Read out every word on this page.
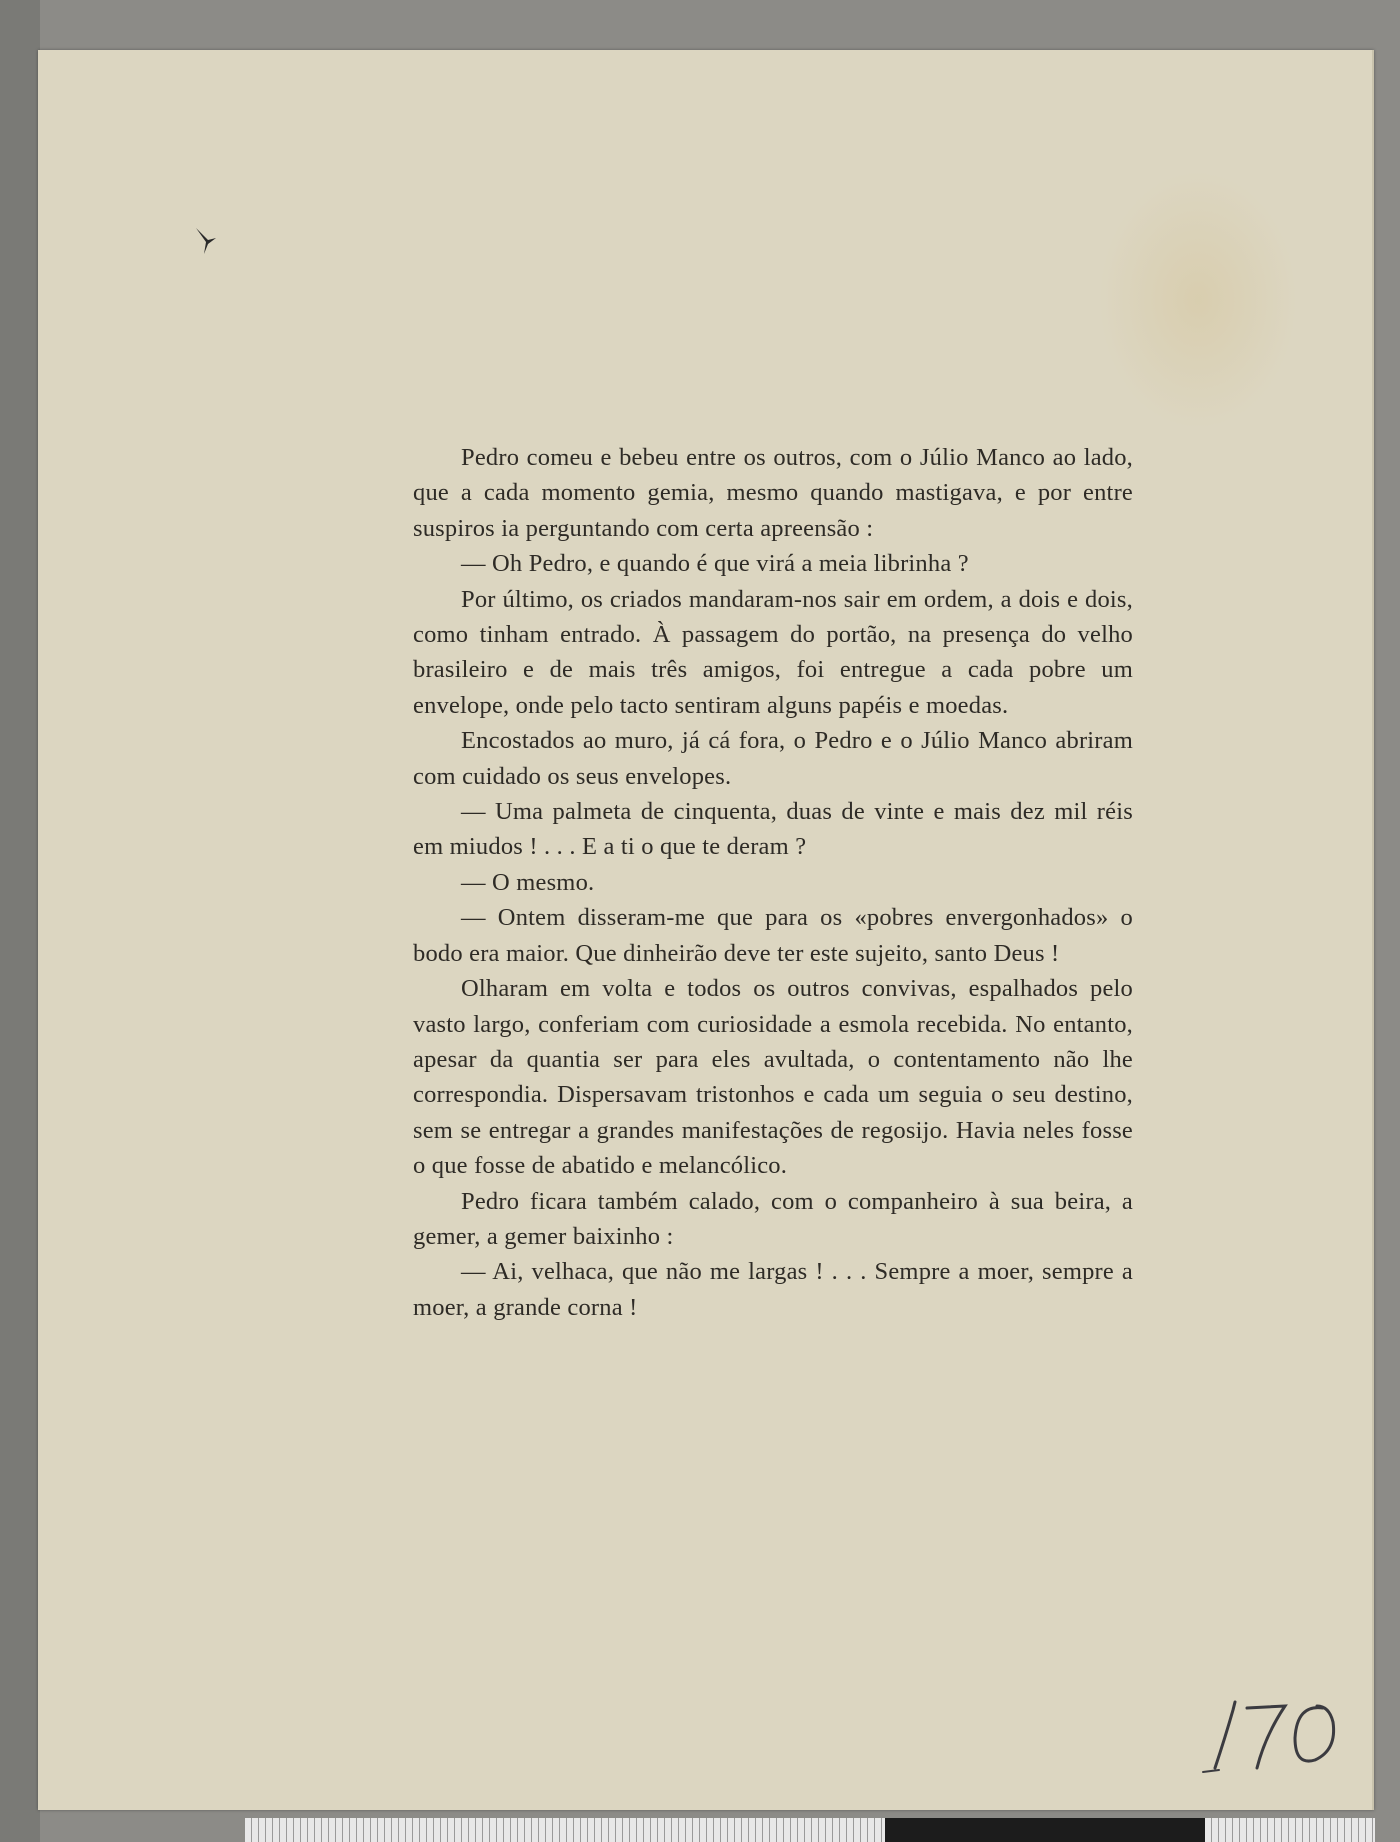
Pedro comeu e bebeu entre os outros, com o Júlio Manco ao lado, que a cada momento gemia, mesmo quando mastigava, e por entre suspiros ia perguntando com certa apreensão :

— Oh Pedro, e quando é que virá a meia librinha ?

Por último, os criados mandaram-nos sair em ordem, a dois e dois, como tinham entrado. À passagem do portão, na presença do velho brasileiro e de mais três amigos, foi entregue a cada pobre um envelope, onde pelo tacto sentiram alguns papéis e moedas.

Encostados ao muro, já cá fora, o Pedro e o Júlio Manco abriram com cuidado os seus envelopes.

— Uma palmeta de cinquenta, duas de vinte e mais dez mil réis em miudos ! . . . E a ti o que te deram ?

— O mesmo.

— Ontem disseram-me que para os «pobres envergonhados» o bodo era maior. Que dinheirão deve ter este sujeito, santo Deus !

Olharam em volta e todos os outros convivas, espalhados pelo vasto largo, conferiam com curiosidade a esmola recebida. No entanto, apesar da quantia ser para eles avultada, o contentamento não lhe correspondia. Dispersavam tristonhos e cada um seguia o seu destino, sem se entregar a grandes manifestações de regosijo. Havia neles fosse o que fosse de abatido e melancólico.

Pedro ficara também calado, com o companheiro à sua beira, a gemer, a gemer baixinho :

— Ai, velhaca, que não me largas ! . . . Sempre a moer, sempre a moer, a grande corna !
